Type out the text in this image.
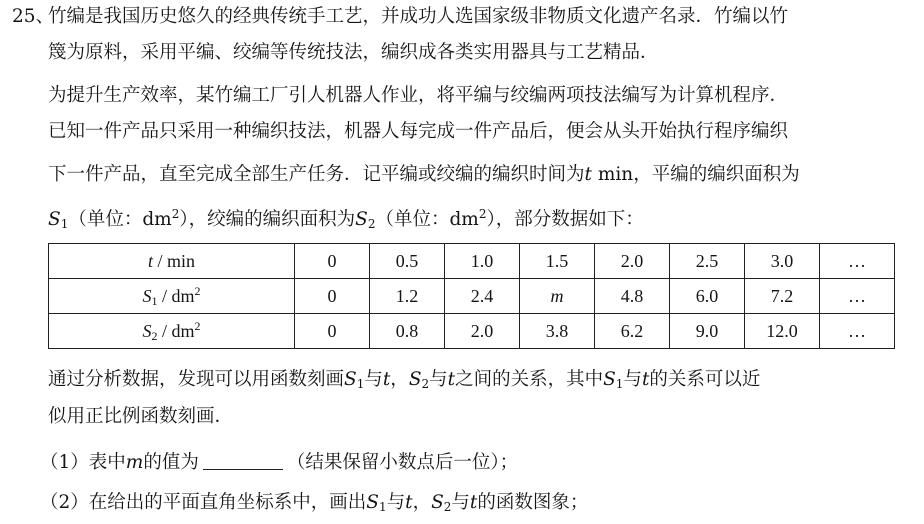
25、
竹编是我国历史悠久的经典传统手工艺，并成功人选国家级非物质文化遗产名录．竹编以竹
篾为原料，采用平编、绞编等传统技法，编织成各类实用器具与工艺精品．
为提升生产效率，某竹编工厂引人机器人作业，将平编与绞编两项技法编写为计算机程序．
已知一件产品只采用一种编织技法，机器人每完成一件产品后，便会从头开始执行程序编织
下一件产品，直至完成全部生产任务．记平编或绞编的编织时间为t min，平编的编织面积为
$S_1$（单位：$dm^2$），绞编的编织面积为$S_2$（单位：$dm^2$），部分数据如下：
t / min	0	0.5	1.0	1.5	2.0	2.5	3.0	…
$S_1 / dm^2$	0	1.2	2.4	m	4.8	6.0	7.2	…
$S_2 / dm^2$	0	0.8	2.0	3.8	6.2	9.0	12.0	…
通过分析数据，发现可以用函数刻画$S_1$与t，$S_2$与t之间的关系，其中$S_1$与t的关系可以近
似用正比例函数刻画．
（1）表中m的值为	（结果保留小数点后一位）；
（2）在给出的平面直角坐标系中，画出$S_1$与t，$S_2$与t的函数图象；
